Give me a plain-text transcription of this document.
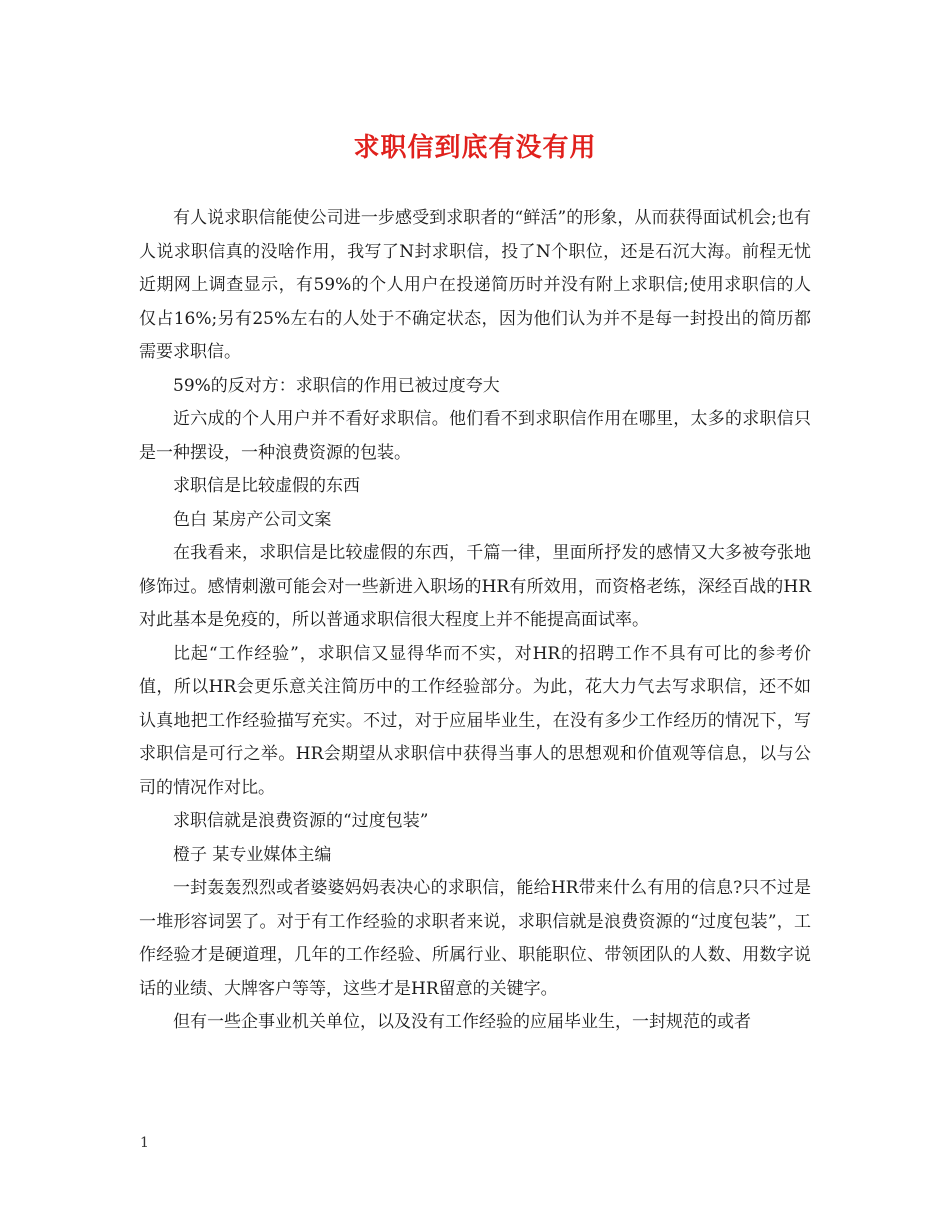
求职信到底有没有用

有人说求职信能使公司进一步感受到求职者的“鲜活”的形象，从而获得面试机会;也有人说求职信真的没啥作用，我写了N封求职信，投了N个职位，还是石沉大海。前程无忧近期网上调查显示，有59%的个人用户在投递简历时并没有附上求职信;使用求职信的人仅占16%;另有25%左右的人处于不确定状态，因为他们认为并不是每一封投出的简历都需要求职信。

59%的反对方：求职信的作用已被过度夸大

近六成的个人用户并不看好求职信。他们看不到求职信作用在哪里，太多的求职信只是一种摆设，一种浪费资源的包装。

求职信是比较虚假的东西

色白 某房产公司文案

在我看来，求职信是比较虚假的东西，千篇一律，里面所抒发的感情又大多被夸张地修饰过。感情刺激可能会对一些新进入职场的HR有所效用，而资格老练，深经百战的HR对此基本是免疫的，所以普通求职信很大程度上并不能提高面试率。

比起“工作经验”，求职信又显得华而不实，对HR的招聘工作不具有可比的参考价值，所以HR会更乐意关注简历中的工作经验部分。为此，花大力气去写求职信，还不如认真地把工作经验描写充实。不过，对于应届毕业生，在没有多少工作经历的情况下，写求职信是可行之举。HR会期望从求职信中获得当事人的思想观和价值观等信息，以与公司的情况作对比。

求职信就是浪费资源的“过度包装”

橙子 某专业媒体主编

一封轰轰烈烈或者婆婆妈妈表决心的求职信，能给HR带来什么有用的信息?只不过是一堆形容词罢了。对于有工作经验的求职者来说，求职信就是浪费资源的“过度包装”，工作经验才是硬道理，几年的工作经验、所属行业、职能职位、带领团队的人数、用数字说话的业绩、大牌客户等等，这些才是HR留意的关键字。

但有一些企事业机关单位，以及没有工作经验的应届毕业生，一封规范的或者

1
